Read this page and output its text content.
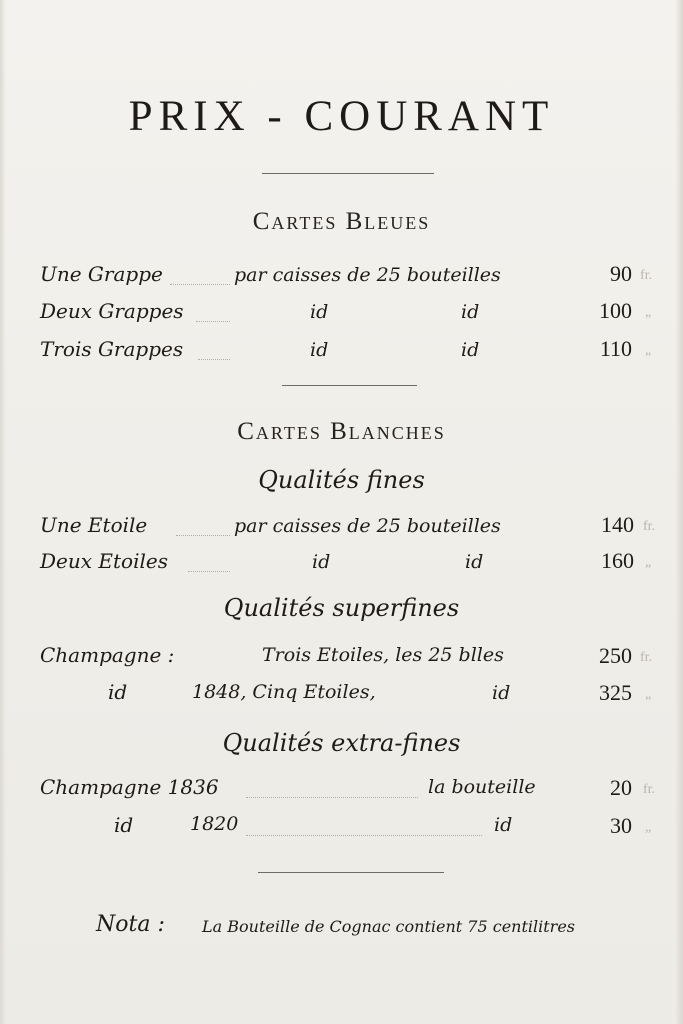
PRIX - COURANT
Cartes Bleues
Une Grappe	par caisses de 25 bouteilles	90 fr.
Deux Grappes	id	id	100 „
Trois Grappes	id	id	110 „
Cartes Blanches
Qualités fines
Une Etoile	par caisses de 25 bouteilles	140 fr.
Deux Etoiles	id	id	160 „
Qualités superfines
Champagne :	Trois Etoiles, les 25 blles	250 fr.
id	1848, Cinq Etoiles,	id	325 „
Qualités extra-fines
Champagne 1836	la bouteille	20 fr.
id	1820	id	30 „
Nota : La Bouteille de Cognac contient 75 centilitres
